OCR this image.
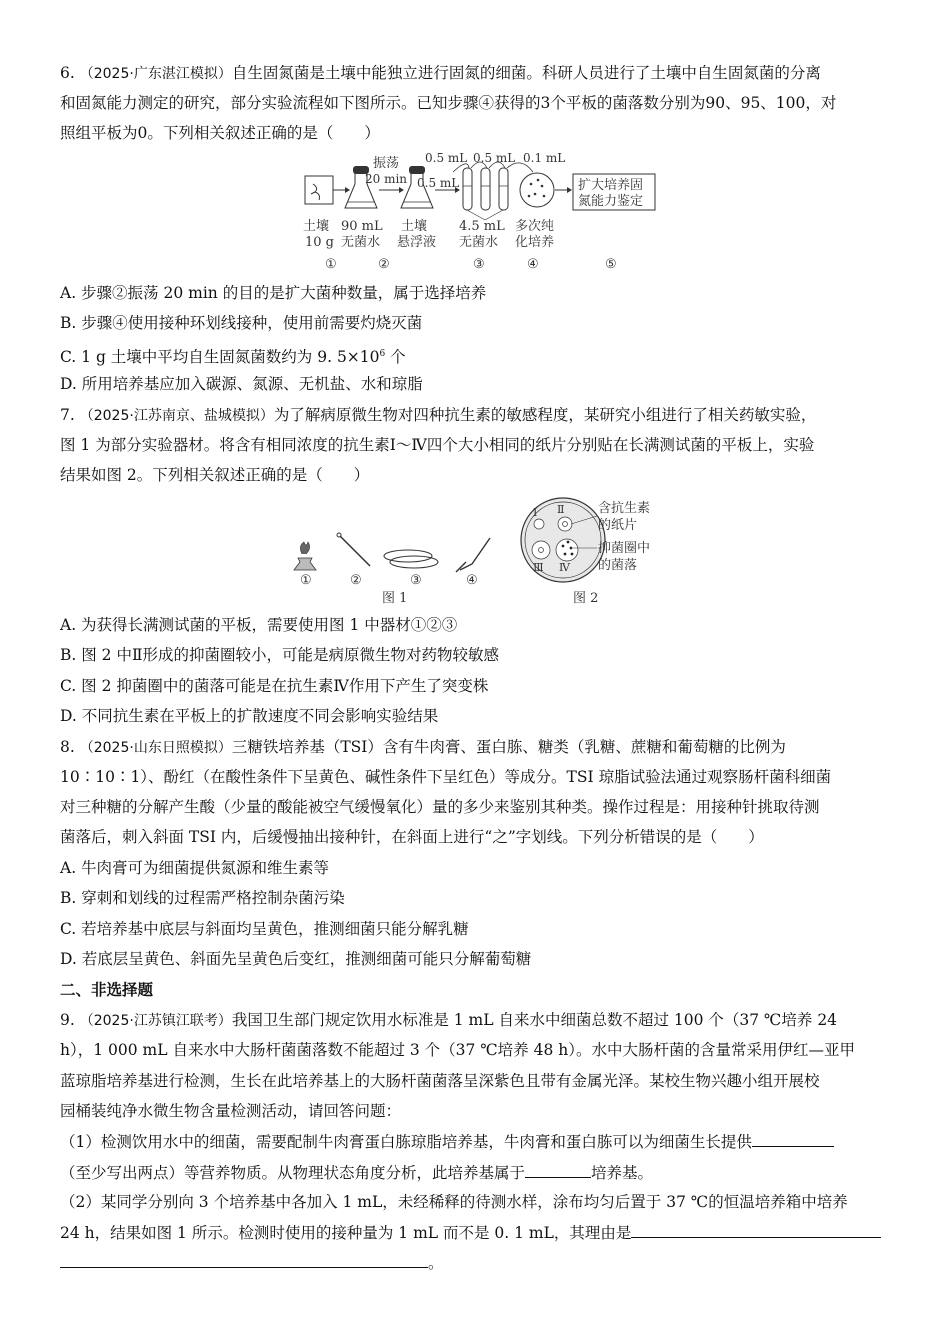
6. （2025·广东湛江模拟）自生固氮菌是土壤中能独立进行固氮的细菌。科研人员进行了土壤中自生固氮菌的分离
和固氮能力测定的研究，部分实验流程如下图所示。已知步骤④获得的3个平板的菌落数分别为90、95、100，对
照组平板为0。下列相关叙述正确的是（　　）
振荡
20 min 0.5 mL
0.5 mL 0.5 mL 0.1 mL
扩大培养固
氮能力鉴定
土壤
10 g
90 mL
无菌水
土壤
悬浮液
4.5 mL
无菌水
多次纯
化培养
①	②	③	④	⑤
A. 步骤②振荡 20 min 的目的是扩大菌种数量，属于选择培养
B. 步骤④使用接种环划线接种，使用前需要灼烧灭菌
C. 1 g 土壤中平均自生固氮菌数约为 9. $5\times 10^6$ 个
D. 所用培养基应加入碳源、氮源、无机盐、水和琼脂
7. （2025·江苏南京、盐城模拟）为了解病原微生物对四种抗生素的敏感程度，某研究小组进行了相关药敏实验，
图 1 为部分实验器材。将含有相同浓度的抗生素Ⅰ～Ⅳ四个大小相同的纸片分别贴在长满测试菌的平板上，实验
结果如图 2。下列相关叙述正确的是（　　）
①	②	③	④
图 1
Ⅰ Ⅱ
Ⅲ Ⅳ
含抗生素
的纸片
抑菌圈中
的菌落
图 2
A. 为获得长满测试菌的平板，需要使用图 1 中器材①②③
B. 图 2 中Ⅱ形成的抑菌圈较小，可能是病原微生物对药物较敏感
C. 图 2 抑菌圈中的菌落可能是在抗生素Ⅳ作用下产生了突变株
D. 不同抗生素在平板上的扩散速度不同会影响实验结果
8. （2025·山东日照模拟）三糖铁培养基（TSI）含有牛肉膏、蛋白胨、糖类（乳糖、蔗糖和葡萄糖的比例为
10∶10∶1）、酚红（在酸性条件下呈黄色、碱性条件下呈红色）等成分。TSI 琼脂试验法通过观察肠杆菌科细菌
对三种糖的分解产生酸（少量的酸能被空气缓慢氧化）量的多少来鉴别其种类。操作过程是：用接种针挑取待测
菌落后，刺入斜面 TSI 内，后缓慢抽出接种针，在斜面上进行“之”字划线。下列分析错误的是（　　）
A. 牛肉膏可为细菌提供氮源和维生素等
B. 穿刺和划线的过程需严格控制杂菌污染
C. 若培养基中底层与斜面均呈黄色，推测细菌只能分解乳糖
D. 若底层呈黄色、斜面先呈黄色后变红，推测细菌可能只分解葡萄糖
二、非选择题
9. （2025·江苏镇江联考）我国卫生部门规定饮用水标准是 1 mL 自来水中细菌总数不超过 100 个（37 ℃培养 24
h），1 000 mL 自来水中大肠杆菌菌落数不能超过 3 个（37 ℃培养 48 h）。水中大肠杆菌的含量常采用伊红—亚甲
蓝琼脂培养基进行检测，生长在此培养基上的大肠杆菌菌落呈深紫色且带有金属光泽。某校生物兴趣小组开展校
园桶装纯净水微生物含量检测活动，请回答问题：
（1）检测饮用水中的细菌，需要配制牛肉膏蛋白胨琼脂培养基，牛肉膏和蛋白胨可以为细菌生长提供
（至少写出两点）等营养物质。从物理状态角度分析，此培养基属于	培养基。
（2）某同学分别向 3 个培养基中各加入 1 mL，未经稀释的待测水样，涂布均匀后置于 37 ℃的恒温培养箱中培养
24 h，结果如图 1 所示。检测时使用的接种量为 1 mL 而不是 0. 1 mL，其理由是
。
